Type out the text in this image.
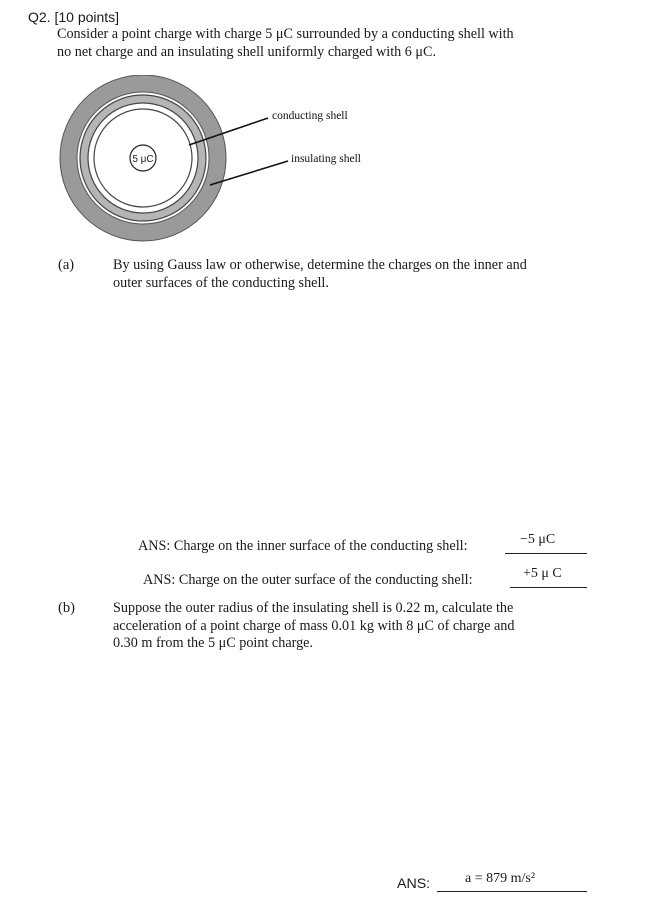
Q2. [10 points]
Consider a point charge with charge 5 μC surrounded by a conducting shell with
no net charge and an insulating shell uniformly charged with 6 μC.
5 μC
conducting shell
insulating shell
(a)	By using Gauss law or otherwise, determine the charges on the inner and
outer surfaces of the conducting shell.
ANS: Charge on the inner surface of the conducting shell:	−5 μC
ANS: Charge on the outer surface of the conducting shell:	+5 μ C
(b)	Suppose the outer radius of the insulating shell is 0.22 m, calculate the
acceleration of a point charge of mass 0.01 kg with 8 μC of charge and
0.30 m from the 5 μC point charge.
ANS: a = 879 m/s²
